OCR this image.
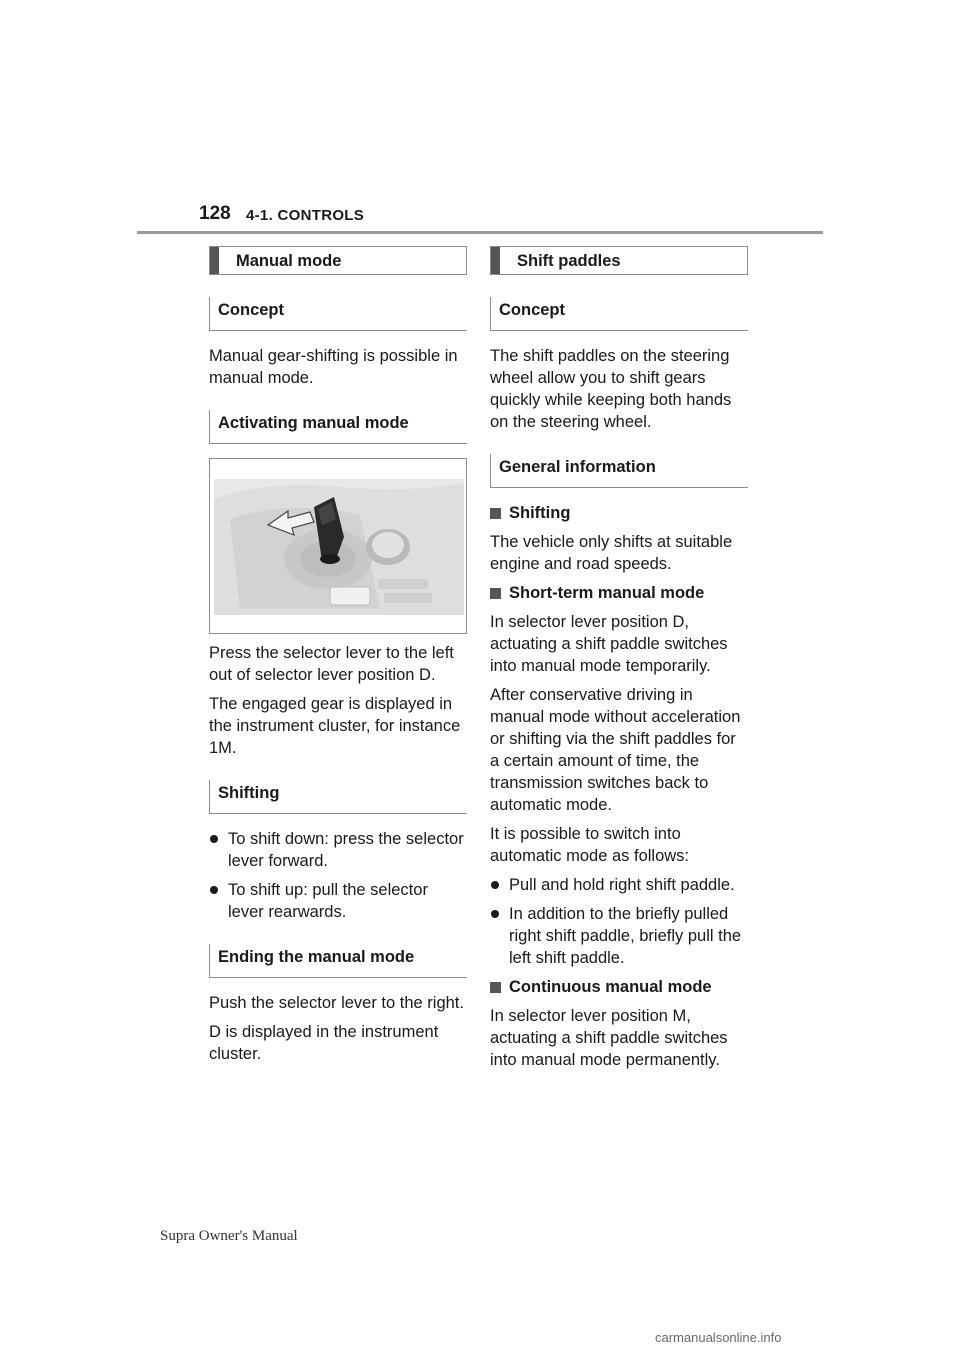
128 4-1. CONTROLS
Manual mode
Concept

Manual gear-shifting is possible in manual mode.

Activating manual mode

Press the selector lever to the left out of selector lever position D.

The engaged gear is displayed in the instrument cluster, for instance 1M.

Shifting
To shift down: press the selector lever forward.
To shift up: pull the selector lever rearwards.
Ending the manual mode

Push the selector lever to the right.

D is displayed in the instrument cluster.

Shift paddles
Concept

The shift paddles on the steering wheel allow you to shift gears quickly while keeping both hands on the steering wheel.

General information
Shifting

The vehicle only shifts at suitable engine and road speeds.

Short-term manual mode

In selector lever position D, actuating a shift paddle switches into manual mode temporarily.

After conservative driving in manual mode without acceleration or shifting via the shift paddles for a certain amount of time, the transmission switches back to automatic mode.

It is possible to switch into automatic mode as follows:

Pull and hold right shift paddle.
In addition to the briefly pulled right shift paddle, briefly pull the left shift paddle.
Continuous manual mode

In selector lever position M, actuating a shift paddle switches into manual mode permanently.

Supra Owner's Manual
carmanualsonline.info
